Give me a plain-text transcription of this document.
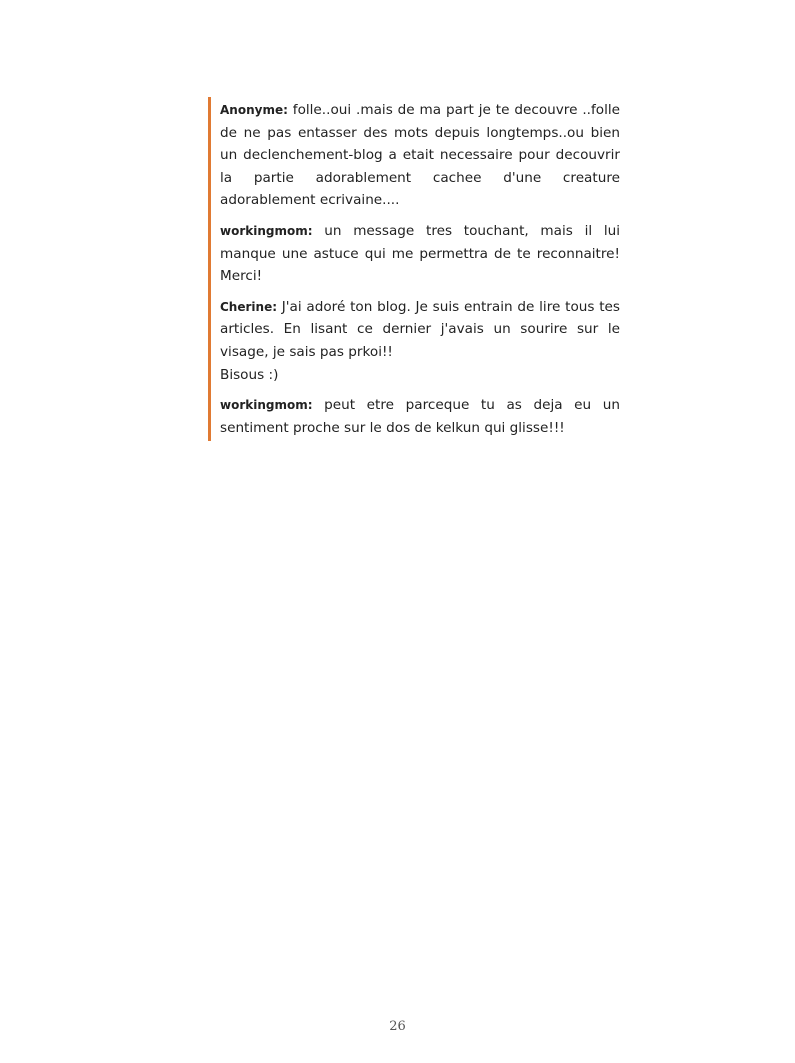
Anonyme: folle..oui .mais de ma part je te decouvre ..folle de ne pas entasser des mots depuis longtemps..ou bien un declenchement-blog a etait necessaire pour decouvrir la partie adorablement cachee d'une creature adorablement ecrivaine....

workingmom: un message tres touchant, mais il lui manque une astuce qui me permettra de te reconnaitre! Merci!

Cherine: J'ai adoré ton blog. Je suis entrain de lire tous tes articles. En lisant ce dernier j'avais un sourire sur le visage, je sais pas prkoi!!
Bisous :)

workingmom: peut etre parceque tu as deja eu un sentiment proche sur le dos de kelkun qui glisse!!!

26
